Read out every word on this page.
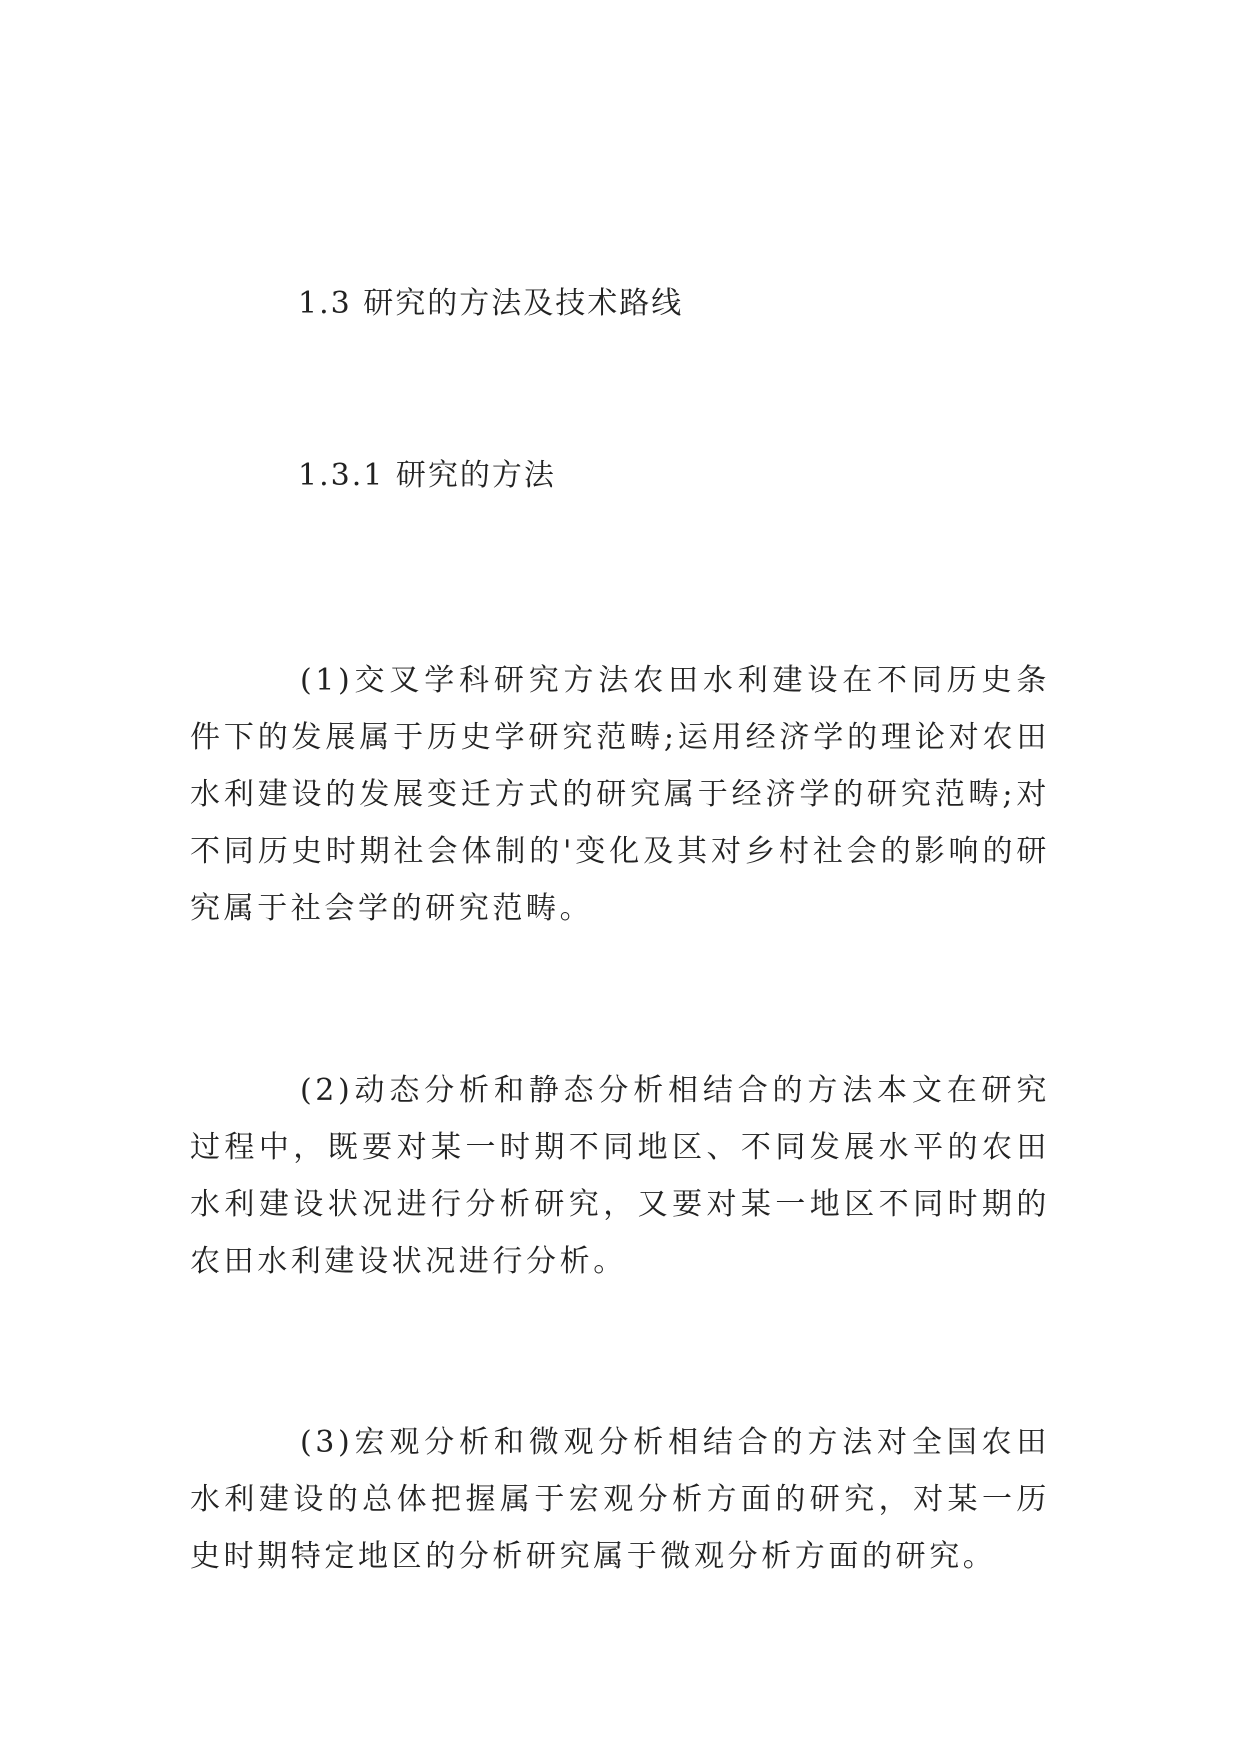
1.3 研究的方法及技术路线
1.3.1 研究的方法

(1)交叉学科研究方法农田水利建设在不同历史条件下的发展属于历史学研究范畴;运用经济学的理论对农田水利建设的发展变迁方式的研究属于经济学的研究范畴;对不同历史时期社会体制的'变化及其对乡村社会的影响的研究属于社会学的研究范畴。

(2)动态分析和静态分析相结合的方法本文在研究过程中，既要对某一时期不同地区、不同发展水平的农田水利建设状况进行分析研究，又要对某一地区不同时期的农田水利建设状况进行分析。

(3)宏观分析和微观分析相结合的方法对全国农田水利建设的总体把握属于宏观分析方面的研究，对某一历史时期特定地区的分析研究属于微观分析方面的研究。
